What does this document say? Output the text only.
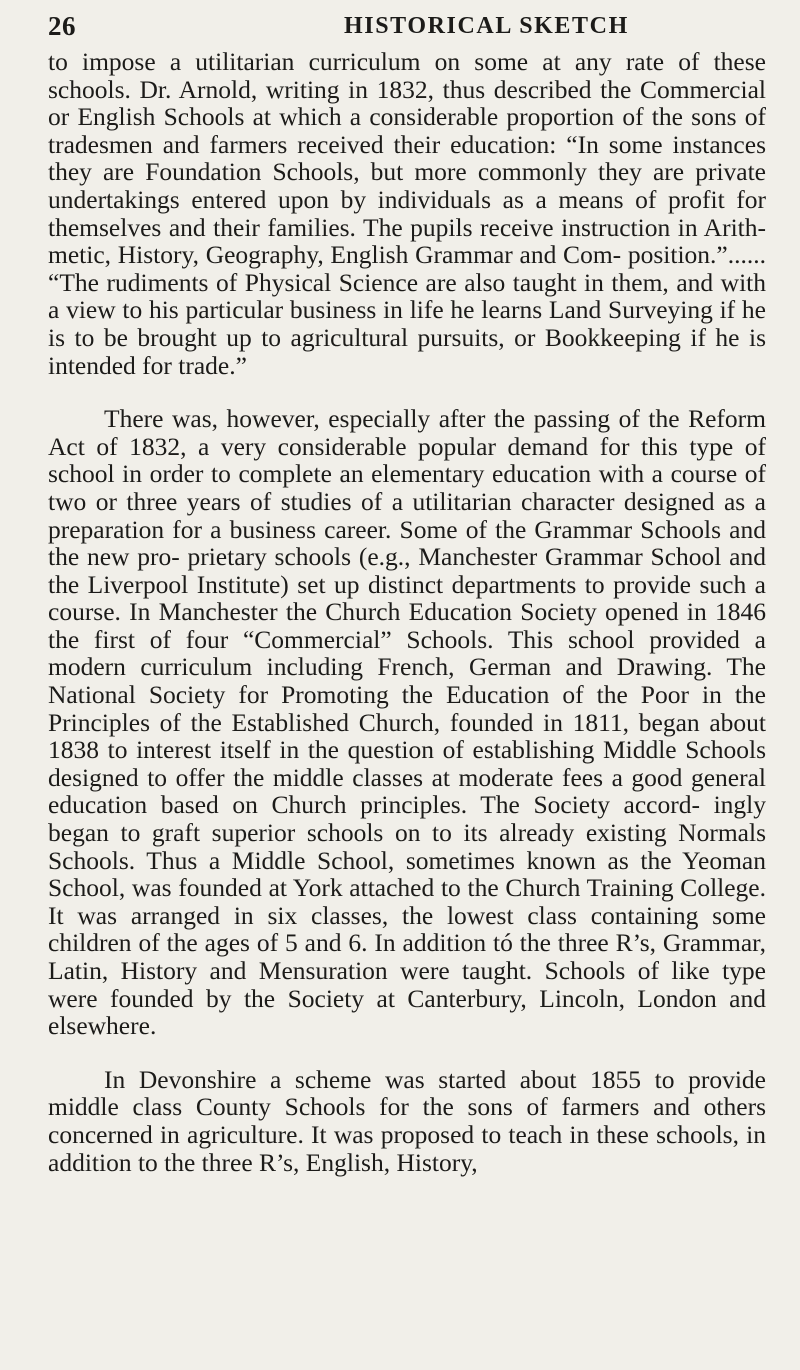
26	HISTORICAL SKETCH

to impose a utilitarian curriculum on some at any rate of these schools. Dr. Arnold, writing in 1832, thus described the Commercial or English Schools at which a considerable proportion of the sons of tradesmen and farmers received their education: “In some instances they are Foundation Schools, but more commonly they are private undertakings entered upon by individuals as a means of profit for themselves and their families. The pupils receive instruction in Arith- metic, History, Geography, English Grammar and Com- position.”...... “The rudiments of Physical Science are also taught in them, and with a view to his particular business in life he learns Land Surveying if he is to be brought up to agricultural pursuits, or Bookkeeping if he is intended for trade.”

There was, however, especially after the passing of the Reform Act of 1832, a very considerable popular demand for this type of school in order to complete an elementary education with a course of two or three years of studies of a utilitarian character designed as a preparation for a business career. Some of the Grammar Schools and the new pro- prietary schools (e.g., Manchester Grammar School and the Liverpool Institute) set up distinct departments to provide such a course. In Manchester the Church Education Society opened in 1846 the first of four “Commercial” Schools. This school provided a modern curriculum including French, German and Drawing. The National Society for Promoting the Education of the Poor in the Principles of the Established Church, founded in 1811, began about 1838 to interest itself in the question of establishing Middle Schools designed to offer the middle classes at moderate fees a good general education based on Church principles. The Society accord- ingly began to graft superior schools on to its already existing Normals Schools. Thus a Middle School, sometimes known as the Yeoman School, was founded at York attached to the Church Training College. It was arranged in six classes, the lowest class containing some children of the ages of 5 and 6. In addition tó the three R’s, Grammar, Latin, History and Mensuration were taught. Schools of like type were founded by the Society at Canterbury, Lincoln, London and elsewhere.

In Devonshire a scheme was started about 1855 to provide middle class County Schools for the sons of farmers and others concerned in agriculture. It was proposed to teach in these schools, in addition to the three R’s, English, History,
